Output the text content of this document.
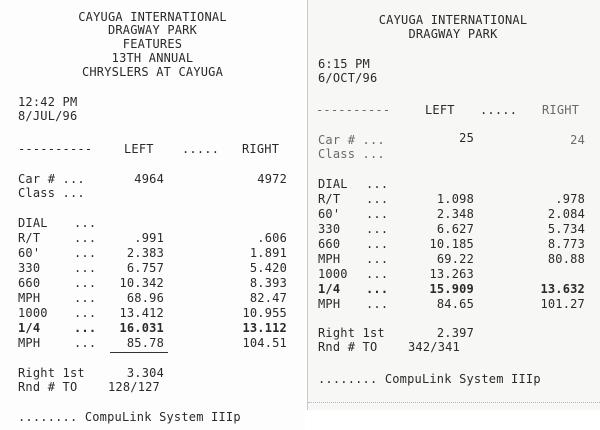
CAYUGA INTERNATIONAL
DRAGWAY PARK
FEATURES
13TH ANNUAL
CHRYSLERS AT CAYUGA
12:42 PM
8/JUL/96
----------	LEFT ..... RIGHT
Car # ...	4964	4972
Class ...
DIAL ...
R/T	...	.991	.606
60'	...	2.383	1.891
330	...	6.757	5.420
660	...	10.342	8.393
MPH	...	68.96	82.47
1000 ...	13.412	10.955
1/4	...	16.031	13.112
MPH	...	85.78	104.51
Right 1st	3.304
Rnd # TO	128/127
........ CompuLink System IIIp
CAYUGA INTERNATIONAL
DRAGWAY PARK
6:15 PM
6/OCT/96
----------	LEFT ..... RIGHT
Car # ...	25	24
Class ...
DIAL ...
R/T ...	1.098	.978
60' ...	2.348	2.084
330 ...	6.627	5.734
660 ...	10.185	8.773
MPH ...	69.22	80.88
1000 ...	13.263
1/4 ...	15.909	13.632
MPH ...	84.65	101.27
Right 1st	2.397
Rnd # TO	342/341
........ CompuLink System IIIp
